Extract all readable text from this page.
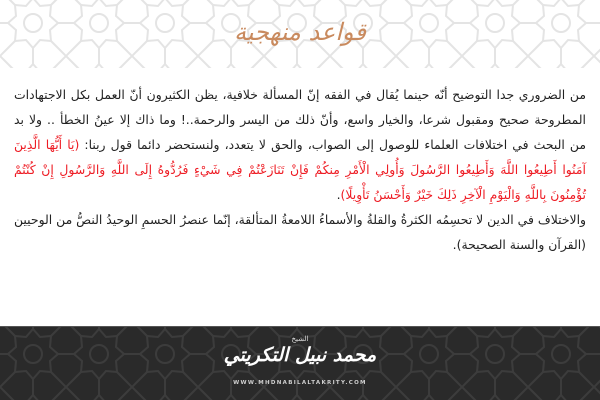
قواعد منهجية

من الضروري جدا التوضيح أنّه حينما يُقال في الفقه إنّ المسألة خلافية، يظن الكثيرون أنّ العمل بكل الاجتهادات المطروحة صحيح ومقبول شرعا، والخيار واسع، وأنّ ذلك من اليسر والرحمة..! وما ذاك إلا عينُ الخطأ .. ولا بد من البحث في اختلافات العلماء للوصول إلى الصواب، والحق لا يتعدد، ولنستحضر دائما قول ربنا: (يَا أَيُّهَا الَّذِينَ آمَنُوا أَطِيعُوا اللَّهَ وَأَطِيعُوا الرَّسُولَ وَأُولِي الْأَمْرِ مِنكُمْ فَإِنْ تَنَازَعْتُمْ فِي شَيْءٍ فَرُدُّوهُ إِلَى اللَّهِ وَالرَّسُولِ إِنْ كُنْتُمْ تُؤْمِنُونَ بِاللَّهِ وَالْيَوْمِ الْآخِرِ ذَلِكَ خَيْرٌ وَأَحْسَنُ تَأْوِيلًا).

والاختلاف في الدين لا تحسِمُه الكثرةُ والقلةُ والأسماءُ اللامعةُ المتألقة، إنّما عنصرُ الحسمِ الوحيدُ النصُّ من الوحيين (القرآن والسنة الصحيحة).

الشيخ
محمد نبيل التكريتي
WWW.MHDNABILALTAKRITY.COM
